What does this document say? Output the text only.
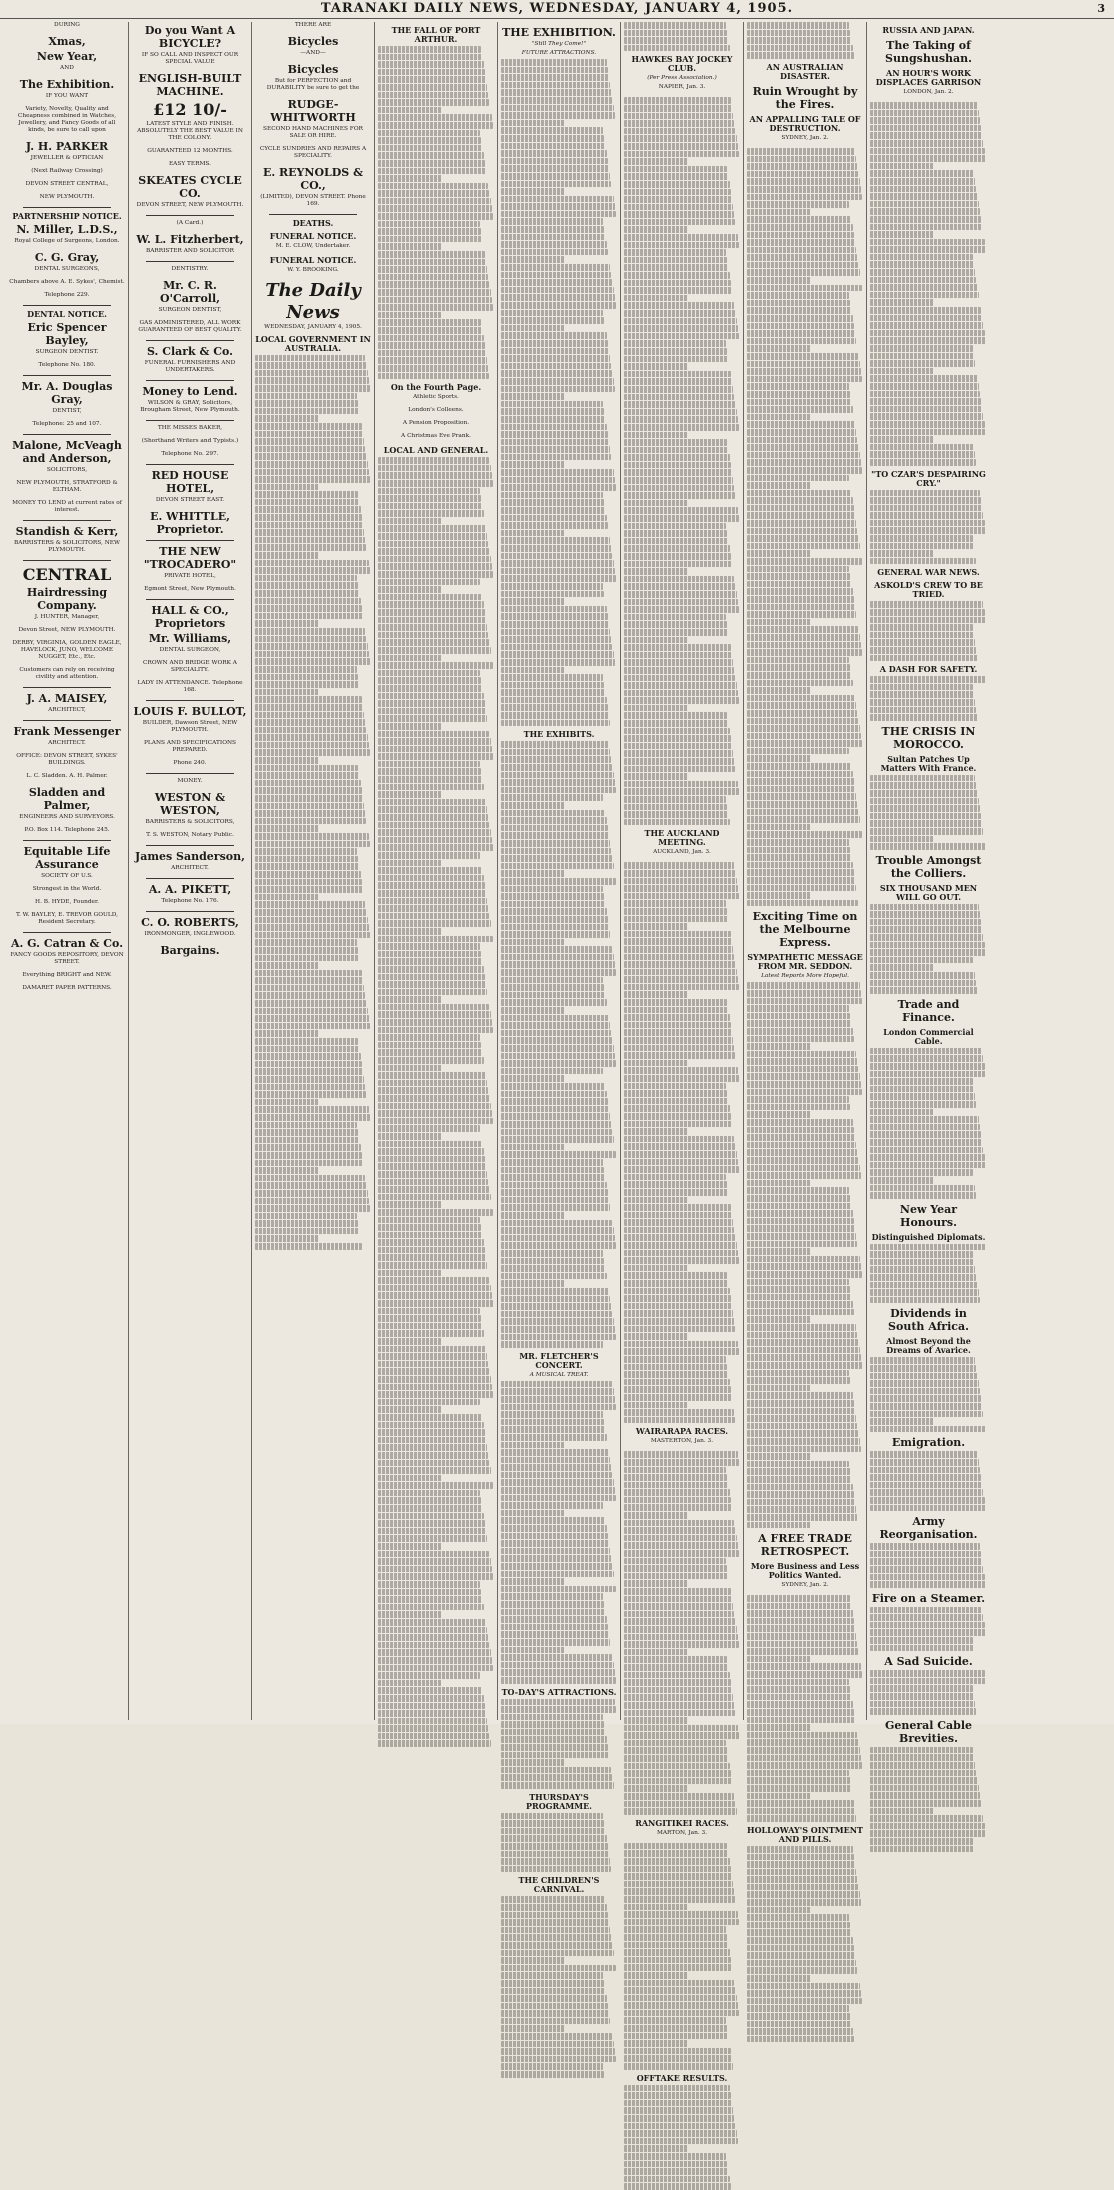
TARANAKI DAILY NEWS, WEDNESDAY, JANUARY 4, 1905.	3
DURING
Xmas,
New Year,
AND
The Exhibition.
IF YOU WANT
Variety, Novelty, Quality and Cheapness combined in Watches, Jewellery, and Fancy Goods of all kinds, be sure to call upon
J. H. PARKER
JEWELLER & OPTICIAN
(Next Railway Crossing)
DEVON STREET CENTRAL,
NEW PLYMOUTH.
PARTNERSHIP NOTICE.
N. Miller, L.D.S.,
Royal College of Surgeons, London.
C. G. Gray,
DENTAL SURGEONS,
Chambers above A. E. Sykes', Chemist.
Telephone 229.
DENTAL NOTICE.
Eric Spencer Bayley,
SURGEON DENTIST.
Telephone No. 180.
Mr. A. Douglas Gray,
DENTIST,
Telephone: 25 and 107.
Malone, McVeagh and Anderson,
SOLICITORS,
NEW PLYMOUTH, STRATFORD & ELTHAM.
MONEY TO LEND at current rates of interest.
Standish & Kerr,
BARRISTERS & SOLICITORS, NEW PLYMOUTH.
CENTRAL
Hairdressing Company.
J. HUNTER, Manager,
Devon Street, NEW PLYMOUTH.
DERBY, VIRGINIA, GOLDEN EAGLE, HAVELOCK, JUNO, WELCOME NUGGET, Etc., Etc.
Customers can rely on receiving civility and attention.
J. A. MAISEY,
ARCHITECT,
Frank Messenger
ARCHITECT.
OFFICE: DEVON STREET, SYKES' BUILDINGS.
L. C. Sladden. A. H. Palmer.
Sladden and Palmer,
ENGINEERS AND SURVEYORS.
P.O. Box 114. Telephone 245.
Equitable Life Assurance
SOCIETY OF U.S.
Strongest in the World.
H. B. HYDE, Founder.
T. W. BAYLEY, E. TREVOR GOULD, Resident Secretary.
A. G. Catran & Co.
FANCY GOODS REPOSITORY, DEVON STREET.
Everything BRIGHT and NEW.
DAMARET PAPER PATTERNS.
Do you Want A BICYCLE?
IF SO CALL AND INSPECT OUR SPECIAL VALUE
ENGLISH-BUILT MACHINE.
£12 10/-
LATEST STYLE AND FINISH. ABSOLUTELY THE BEST VALUE IN THE COLONY.
GUARANTEED 12 MONTHS.
EASY TERMS.
SKEATES CYCLE CO.
DEVON STREET, NEW PLYMOUTH.
(A Card.)
W. L. Fitzherbert,
BARRISTER AND SOLICITOR
DENTISTRY.
Mr. C. R. O'Carroll,
SURGEON DENTIST,
GAS ADMINISTERED, ALL WORK GUARANTEED OF BEST QUALITY.
S. Clark & Co.
FUNERAL FURNISHERS AND UNDERTAKERS.
Money to Lend.
WILSON & GRAY, Solicitors, Brougham Street, New Plymouth.
THE MISSES BAKER,
(Shorthand Writers and Typists.)
Telephone No. 297.
RED HOUSE HOTEL,
DEVON STREET EAST.
E. WHITTLE, Proprietor.
THE NEW "TROCADERO"
PRIVATE HOTEL,
Egmont Street, New Plymouth.
HALL & CO., Proprietors
Mr. Williams,
DENTAL SURGEON,
CROWN AND BRIDGE WORK A SPECIALITY.
LADY IN ATTENDANCE. Telephone 168.
LOUIS F. BULLOT,
BUILDER, Dawson Street, NEW PLYMOUTH.
PLANS AND SPECIFICATIONS PREPARED.
Phone 240.
MONEY.
WESTON & WESTON,
BARRISTERS & SOLICITORS,
T. S. WESTON, Notary Public.
James Sanderson,
ARCHITECT.
A. A. PIKETT,
Telephone No. 176.
C. O. ROBERTS,
IRONMONGER, INGLEWOOD.
Bargains.
THERE ARE
Bicycles
—AND—
Bicycles
But for PERFECTION and DURABILITY be sure to get the
RUDGE-WHITWORTH
SECOND HAND MACHINES FOR SALE OR HIRE.
CYCLE SUNDRIES AND REPAIRS A SPECIALITY.
E. REYNOLDS & CO.,
(LIMITED), DEVON STREET. Phone 169.
DEATHS.
FUNERAL NOTICE.
M. E. CLOW, Undertaker.
FUNERAL NOTICE.
W. Y. BROOKING.
The Daily News
WEDNESDAY, JANUARY 4, 1905.
LOCAL GOVERNMENT IN AUSTRALIA.
THE FALL OF PORT ARTHUR.
On the Fourth Page.
Athletic Sports.
London's Colleens.
A Pension Proposition.
A Christmas Eve Prank.
LOCAL AND GENERAL.
THE EXHIBITION.
"Still They Come!"
FUTURE ATTRACTIONS.
THE EXHIBITS.
MR. FLETCHER'S CONCERT.
A MUSICAL TREAT.
TO-DAY'S ATTRACTIONS.
THURSDAY'S PROGRAMME.
THE CHILDREN'S CARNIVAL.
HAWKES BAY JOCKEY CLUB.
(Per Press Association.)
NAPIER, Jan. 3.
THE AUCKLAND MEETING.
AUCKLAND, Jan. 3.
WAIRARAPA RACES.
MASTERTON, Jan. 3.
RANGITIKEI RACES.
MARTON, Jan. 3.
OFFTAKE RESULTS.
AN AUSTRALIAN DISASTER.
Ruin Wrought by the Fires.
AN APPALLING TALE OF DESTRUCTION.
SYDNEY, Jan. 2.
Exciting Time on the Melbourne Express.
SYMPATHETIC MESSAGE FROM MR. SEDDON.
Latest Reports More Hopeful.
A FREE TRADE RETROSPECT.
More Business and Less Politics Wanted.
SYDNEY, Jan. 2.
HOLLOWAY'S OINTMENT AND PILLS.
RUSSIA AND JAPAN.
The Taking of Sungshushan.
AN HOUR'S WORK DISPLACES GARRISON
LONDON, Jan. 2.
"TO CZAR'S DESPAIRING CRY."
GENERAL WAR NEWS.
ASKOLD'S CREW TO BE TRIED.
A DASH FOR SAFETY.
THE CRISIS IN MOROCCO.
Sultan Patches Up Matters With France.
Trouble Amongst the Colliers.
SIX THOUSAND MEN WILL GO OUT.
Trade and Finance.
London Commercial Cable.
New Year Honours.
Distinguished Diplomats.
Dividends in South Africa.
Almost Beyond the Dreams of Avarice.
Emigration.
Army Reorganisation.
Fire on a Steamer.
A Sad Suicide.
General Cable Brevities.
